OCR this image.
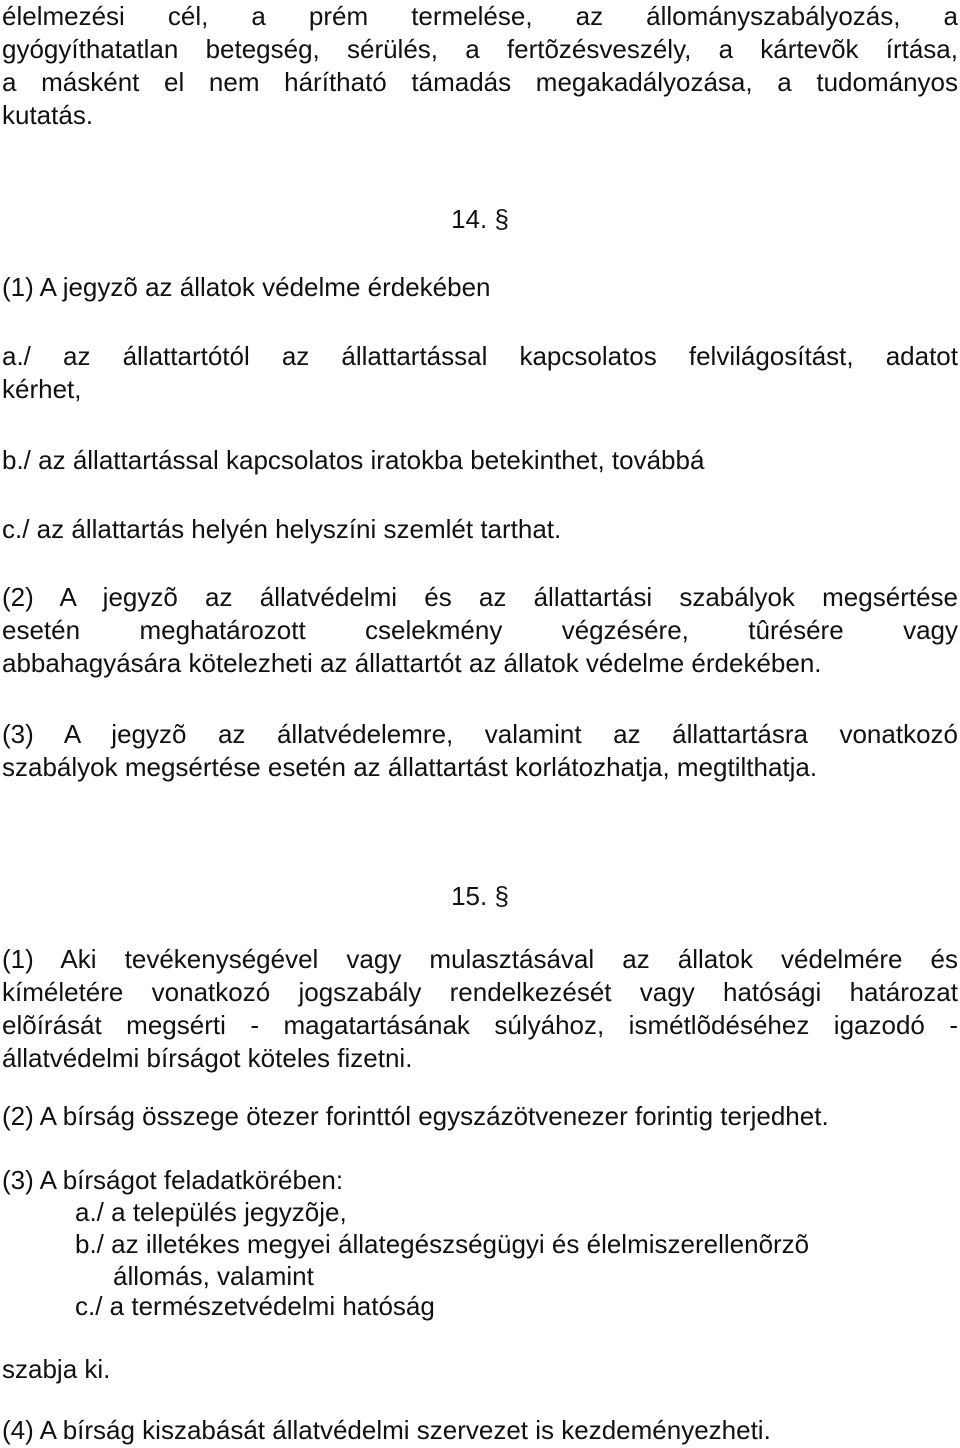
élelmezési cél, a prém termelése, az állományszabályozás, a
gyógyíthatatlan betegség, sérülés, a fertõzésveszély, a kártevõk írtása,
a másként el nem hárítható támadás megakadályozása, a tudományos
kutatás.
14. §
(1) A jegyzõ az állatok védelme érdekében
a./ az állattartótól az állattartással kapcsolatos felvilágosítást, adatot
kérhet,
b./ az állattartással kapcsolatos iratokba betekinthet, továbbá
c./ az állattartás helyén helyszíni szemlét tarthat.
(2) A jegyzõ az állatvédelmi és az állattartási szabályok megsértése
esetén meghatározott cselekmény végzésére, tûrésére vagy
abbahagyására kötelezheti az állattartót az állatok védelme érdekében.
(3) A jegyzõ az állatvédelemre, valamint az állattartásra vonatkozó
szabályok megsértése esetén az állattartást korlátozhatja, megtilthatja.
15. §
(1) Aki tevékenységével vagy mulasztásával az állatok védelmére és
kíméletére vonatkozó jogszabály rendelkezését vagy hatósági határozat
elõírását megsérti - magatartásának súlyához, ismétlõdéséhez igazodó -
állatvédelmi bírságot köteles fizetni.
(2) A bírság összege ötezer forinttól egyszázötvenezer forintig terjedhet.
(3) A bírságot feladatkörében:
a./ a település jegyzõje,
b./ az illetékes megyei állategészségügyi és élelmiszerellenõrzõ
állomás, valamint
c./ a természetvédelmi hatóság
szabja ki.
(4) A bírság kiszabását állatvédelmi szervezet is kezdeményezheti.
